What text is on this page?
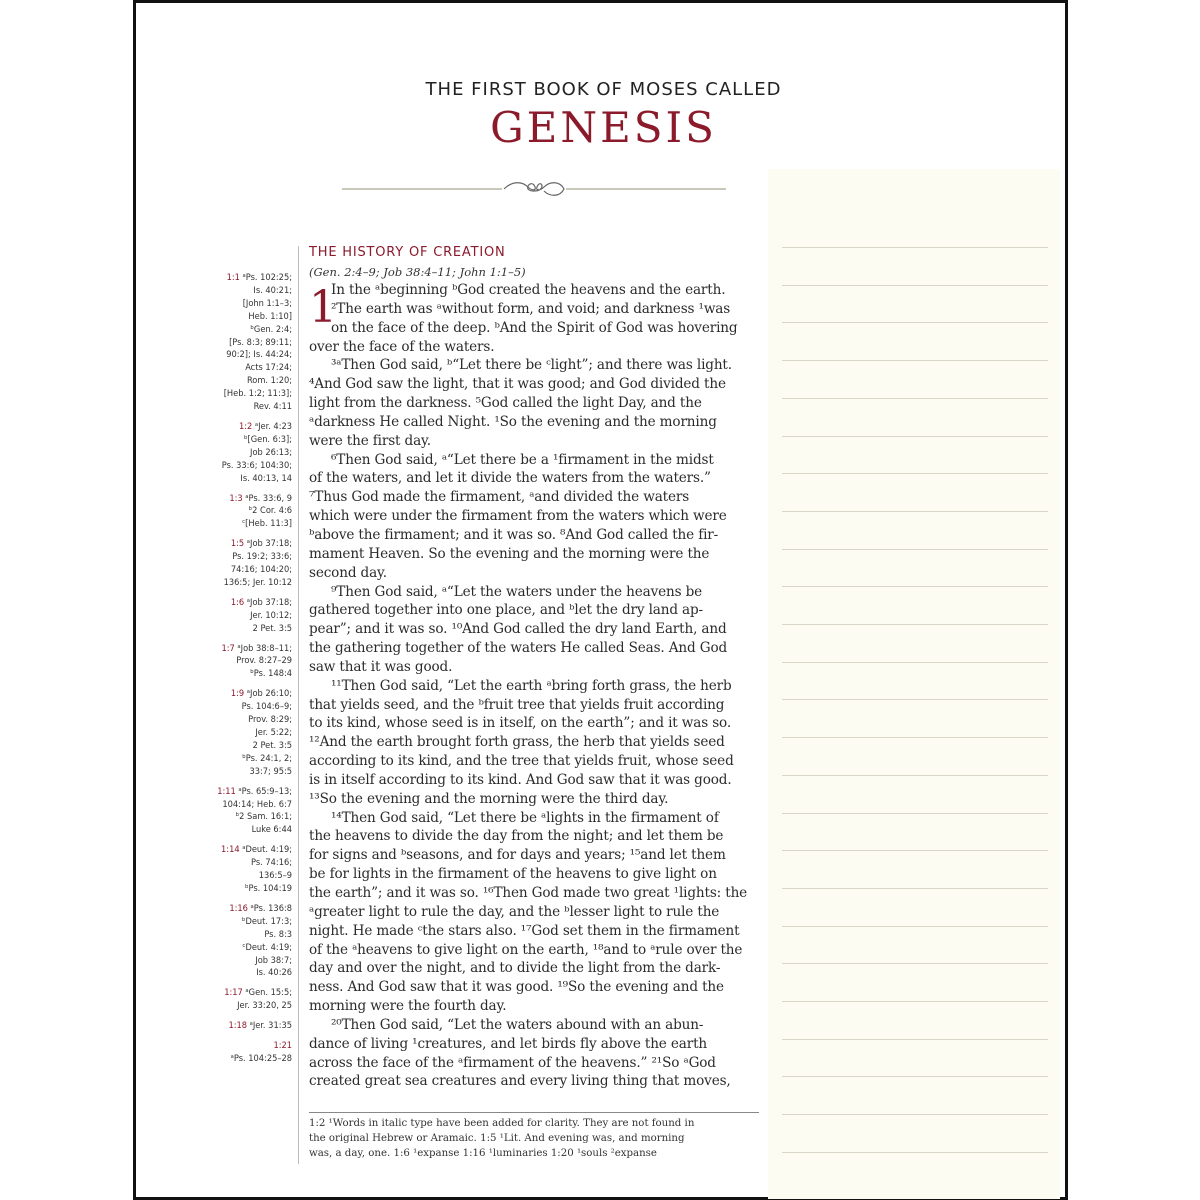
THE FIRST BOOK OF MOSES CALLED
GENESIS
1:1 ᵃPs. 102:25;
Is. 40:21;
[John 1:1–3;
Heb. 1:10]
ᵇGen. 2:4;
[Ps. 8:3; 89:11;
90:2]; Is. 44:24;
Acts 17:24;
Rom. 1:20;
[Heb. 1:2; 11:3];
Rev. 4:11
1:2 ᵃJer. 4:23
ᵇ[Gen. 6:3];
Job 26:13;
Ps. 33:6; 104:30;
Is. 40:13, 14
1:3 ᵃPs. 33:6, 9
ᵇ2 Cor. 4:6
ᶜ[Heb. 11:3]
1:5 ᵃJob 37:18;
Ps. 19:2; 33:6;
74:16; 104:20;
136:5; Jer. 10:12
1:6 ᵃJob 37:18;
Jer. 10:12;
2 Pet. 3:5
1:7 ᵃJob 38:8–11;
Prov. 8:27–29
ᵇPs. 148:4
1:9 ᵃJob 26:10;
Ps. 104:6–9;
Prov. 8:29;
Jer. 5:22;
2 Pet. 3:5
ᵇPs. 24:1, 2;
33:7; 95:5
1:11 ᵃPs. 65:9–13;
104:14; Heb. 6:7
ᵇ2 Sam. 16:1;
Luke 6:44
1:14 ᵃDeut. 4:19;
Ps. 74:16;
136:5–9
ᵇPs. 104:19
1:16 ᵃPs. 136:8
ᵇDeut. 17:3;
Ps. 8:3
ᶜDeut. 4:19;
Job 38:7;
Is. 40:26
1:17 ᵃGen. 15:5;
Jer. 33:20, 25
1:18 ᵃJer. 31:35
1:21
ᵃPs. 104:25–28
THE HISTORY OF CREATION
(Gen. 2:4–9; Job 38:4–11; John 1:1–5)
1
In the ᵃbeginning ᵇGod created the heavens and the earth.
²The earth was ᵃwithout form, and void; and darkness ¹was
on the face of the deep. ᵇAnd the Spirit of God was hovering
over the face of the waters.
³ᵃThen God said, ᵇ“Let there be ᶜlight”; and there was light.
⁴And God saw the light, that it was good; and God divided the
light from the darkness. ⁵God called the light Day, and the
ᵃdarkness He called Night. ¹So the evening and the morning
were the first day.
⁶Then God said, ᵃ“Let there be a ¹firmament in the midst
of the waters, and let it divide the waters from the waters.”
⁷Thus God made the firmament, ᵃand divided the waters
which were under the firmament from the waters which were
ᵇabove the firmament; and it was so. ⁸And God called the fir-
mament Heaven. So the evening and the morning were the
second day.
⁹Then God said, ᵃ“Let the waters under the heavens be
gathered together into one place, and ᵇlet the dry land ap-
pear”; and it was so. ¹⁰And God called the dry land Earth, and
the gathering together of the waters He called Seas. And God
saw that it was good.
¹¹Then God said, “Let the earth ᵃbring forth grass, the herb
that yields seed, and the ᵇfruit tree that yields fruit according
to its kind, whose seed is in itself, on the earth”; and it was so.
¹²And the earth brought forth grass, the herb that yields seed
according to its kind, and the tree that yields fruit, whose seed
is in itself according to its kind. And God saw that it was good.
¹³So the evening and the morning were the third day.
¹⁴Then God said, “Let there be ᵃlights in the firmament of
the heavens to divide the day from the night; and let them be
for signs and ᵇseasons, and for days and years; ¹⁵and let them
be for lights in the firmament of the heavens to give light on
the earth”; and it was so. ¹⁶Then God made two great ¹lights: the
ᵃgreater light to rule the day, and the ᵇlesser light to rule the
night. He made ᶜthe stars also. ¹⁷God set them in the firmament
of the ᵃheavens to give light on the earth, ¹⁸and to ᵃrule over the
day and over the night, and to divide the light from the dark-
ness. And God saw that it was good. ¹⁹So the evening and the
morning were the fourth day.
²⁰Then God said, “Let the waters abound with an abun-
dance of living ¹creatures, and let birds fly above the earth
across the face of the ᵃfirmament of the heavens.” ²¹So ᵃGod
created great sea creatures and every living thing that moves,
1:2 ¹Words in italic type have been added for clarity. They are not found in
the original Hebrew or Aramaic. 1:5 ¹Lit. And evening was, and morning
was, a day, one. 1:6 ¹expanse 1:16 ¹luminaries 1:20 ¹souls ²expanse
